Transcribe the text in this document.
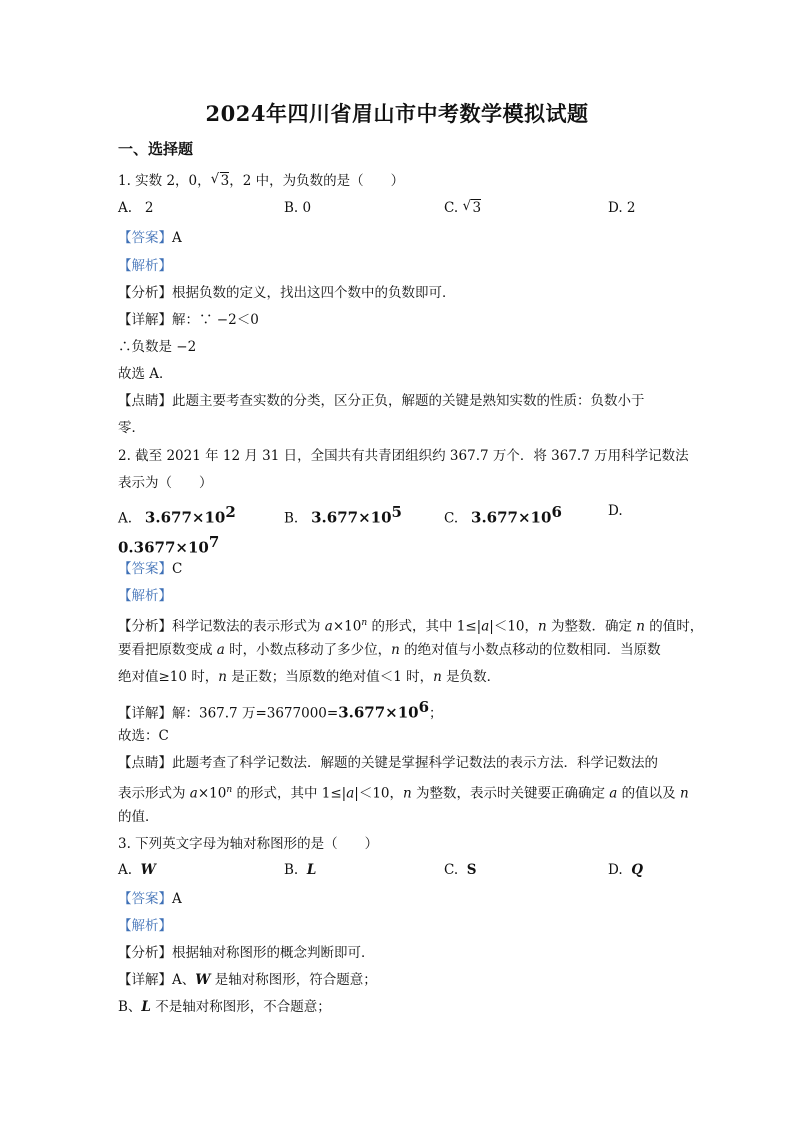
2024年四川省眉山市中考数学模拟试题
一、选择题
1. 实数 2，0， √ 3，2 中，为负数的是（　　）
A. 2	B. 0	C. √ 3	D. 2
【答案】A
【解析】
【分析】根据负数的定义，找出这四个数中的负数即可．
【详解】解：∵ −2＜0
∴负数是 −2
故选 A．
【点睛】此题主要考查实数的分类，区分正负，解题的关键是熟知实数的性质：负数小于
零．
2. 截至 2021 年 12 月 31 日，全国共有共青团组织约 367.7 万个．将 367.7 万用科学记数法
表示为（　　）
A. $3.677\times 10^2$	B. $3.677\times 10^5$	C. $3.677\times 10^6$	D.
$0.3677\times 10^7$
【答案】C
【解析】
【分析】科学记数法的表示形式为 $a\times 10^n$ 的形式，其中 1≤|a|＜10，n 为整数．确定 n 的值时，
要看把原数变成 a 时，小数点移动了多少位，n 的绝对值与小数点移动的位数相同．当原数
绝对值≥10 时，n 是正数；当原数的绝对值＜1 时，n 是负数．
【详解】解：367.7 万$=3677000=3.677\times 10^6$；
故选：C
【点睛】此题考查了科学记数法．解题的关键是掌握科学记数法的表示方法．科学记数法的
表示形式为 $a\times 10^n$ 的形式，其中 1≤|a|＜10，n 为整数，表示时关键要正确确定 a 的值以及 n
的值．
3. 下列英文字母为轴对称图形的是（　　）
A. W	B. L	C. S	D. Q
【答案】A
【解析】
【分析】根据轴对称图形的概念判断即可．
【详解】A、W 是轴对称图形，符合题意；
B、L 不是轴对称图形，不合题意；
